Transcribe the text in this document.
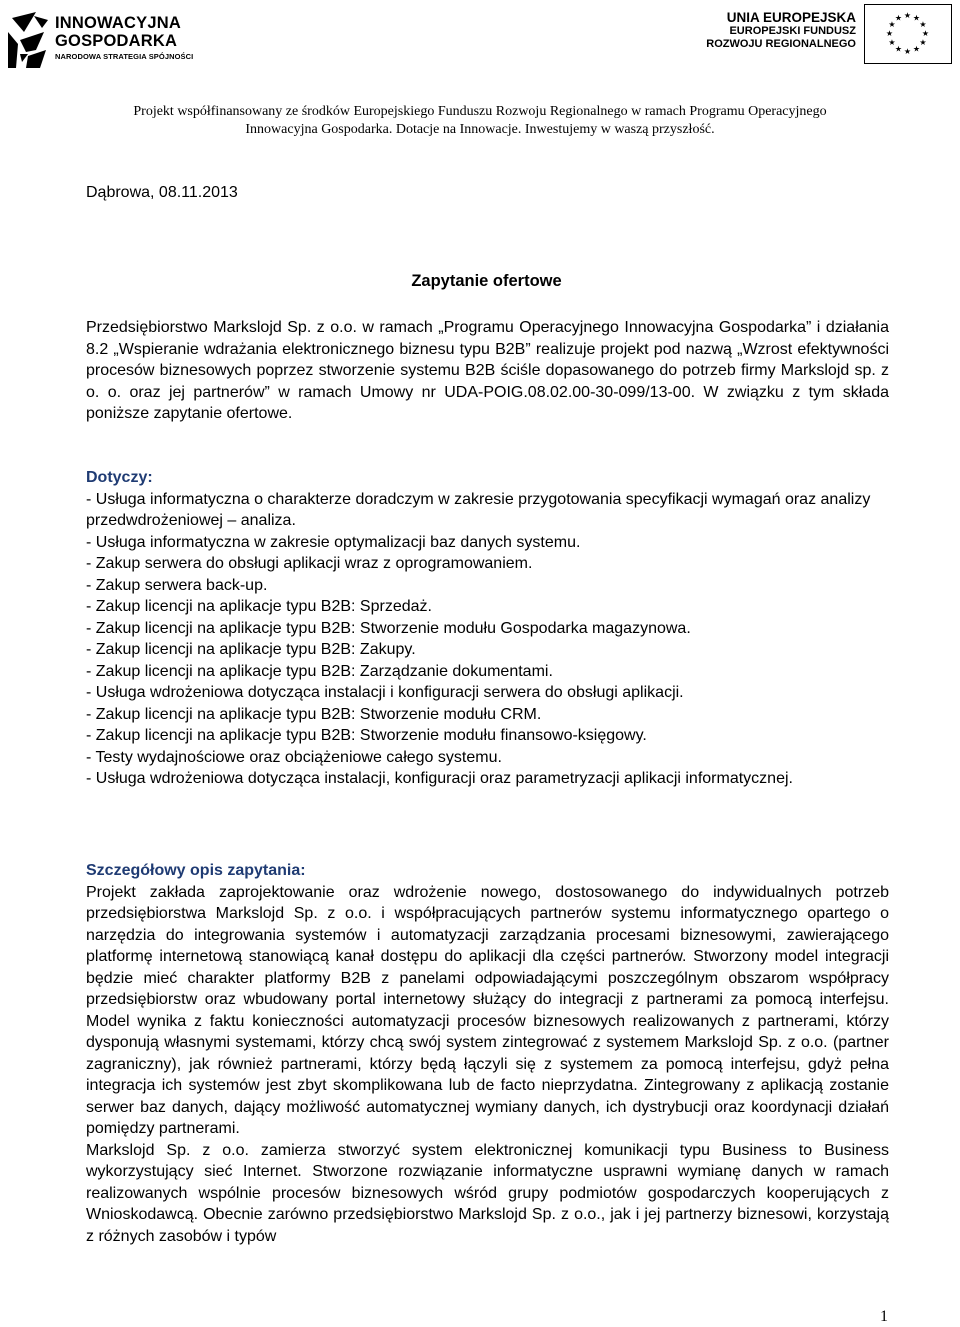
INNOWACYJNA
GOSPODARKA
NARODOWA STRATEGIA SPÓJNOŚCI
UNIA EUROPEJSKA
EUROPEJSKI FUNDUSZ
ROZWOJU REGIONALNEGO
★ ★
★
★
★
★
★
★
★
★
★
★
Projekt współfinansowany ze środków Europejskiego Funduszu Rozwoju Regionalnego w ramach Programu Operacyjnego
Innowacyjna Gospodarka. Dotacje na Innowacje. Inwestujemy w waszą przyszłość.
Dąbrowa, 08.11.2013
Zapytanie ofertowe
Przedsiębiorstwo Markslojd Sp. z o.o. w ramach „Programu Operacyjnego Innowacyjna Gospodarka” i działania 8.2 „Wspieranie wdrażania elektronicznego biznesu typu B2B” realizuje projekt pod nazwą „Wzrost efektywności procesów biznesowych poprzez stworzenie systemu B2B ściśle dopasowanego do potrzeb firmy Markslojd sp. z o. o. oraz jej partnerów” w ramach Umowy nr UDA-POIG.08.02.00-30-099/13-00. W związku z tym składa poniższe zapytanie ofertowe.
Dotyczy:
- Usługa informatyczna o charakterze doradczym w zakresie przygotowania specyfikacji wymagań oraz analizy przedwdrożeniowej – analiza.
- Usługa informatyczna w zakresie optymalizacji baz danych systemu.
- Zakup serwera do obsługi aplikacji wraz z oprogramowaniem.
- Zakup serwera back-up.
- Zakup licencji na aplikacje typu B2B: Sprzedaż.
- Zakup licencji na aplikacje typu B2B: Stworzenie modułu Gospodarka magazynowa.
- Zakup licencji na aplikacje typu B2B: Zakupy.
- Zakup licencji na aplikacje typu B2B: Zarządzanie dokumentami.
- Usługa wdrożeniowa dotycząca instalacji i konfiguracji serwera do obsługi aplikacji.
- Zakup licencji na aplikacje typu B2B: Stworzenie modułu CRM.
- Zakup licencji na aplikacje typu B2B: Stworzenie modułu finansowo-księgowy.
- Testy wydajnościowe oraz obciążeniowe całego systemu.
- Usługa wdrożeniowa dotycząca instalacji, konfiguracji oraz parametryzacji aplikacji informatycznej.
Szczegółowy opis zapytania:
Projekt zakłada zaprojektowanie oraz wdrożenie nowego, dostosowanego do indywidualnych potrzeb przedsiębiorstwa Markslojd Sp. z o.o. i współpracujących partnerów systemu informatycznego opartego o narzędzia do integrowania systemów i automatyzacji zarządzania procesami biznesowymi, zawierającego platformę internetową stanowiącą kanał dostępu do aplikacji dla części partnerów. Stworzony model integracji będzie mieć charakter platformy B2B z panelami odpowiadającymi poszczególnym obszarom współpracy przedsiębiorstw oraz wbudowany portal internetowy służący do integracji z partnerami za pomocą interfejsu. Model wynika z faktu konieczności automatyzacji procesów biznesowych realizowanych z partnerami, którzy dysponują własnymi systemami, którzy chcą swój system zintegrować z systemem Markslojd Sp. z o.o. (partner zagraniczny), jak również partnerami, którzy będą łączyli się z systemem za pomocą interfejsu, gdyż pełna integracja ich systemów jest zbyt skomplikowana lub de facto nieprzydatna. Zintegrowany z aplikacją zostanie serwer baz danych, dający możliwość automatycznej wymiany danych, ich dystrybucji oraz koordynacji działań pomiędzy partnerami.
Markslojd Sp. z o.o. zamierza stworzyć system elektronicznej komunikacji typu Business to Business wykorzystujący sieć Internet. Stworzone rozwiązanie informatyczne usprawni wymianę danych w ramach realizowanych wspólnie procesów biznesowych wśród grupy podmiotów gospodarczych kooperujących z Wnioskodawcą. Obecnie zarówno przedsiębiorstwo Markslojd Sp. z o.o., jak i jej partnerzy biznesowi, korzystają z różnych zasobów i typów
1
